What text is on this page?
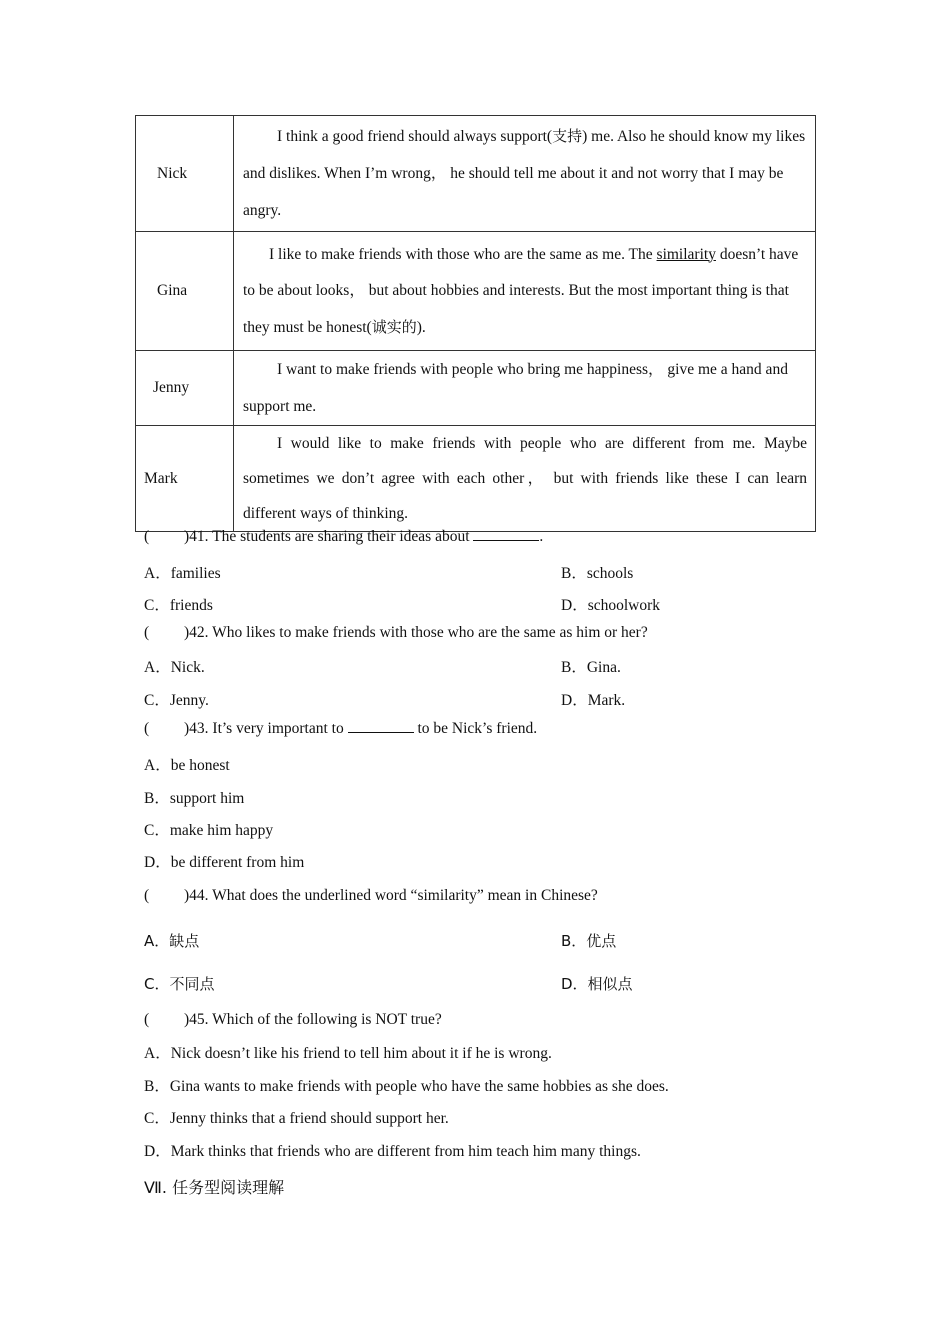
Nick	I think a good friend should always support(支持) me. Also he should know my likes and dislikes. When I’m wrong， he should tell me about it and not worry that I may be angry.
Gina	I like to make friends with those who are the same as me. The similarity doesn’t have to be about looks， but about hobbies and interests. But the most important thing is that they must be honest(诚实的).
Jenny	I want to make friends with people who bring me happiness， give me a hand and support me.
Mark	I would like to make friends with people who are different from me. Maybe sometimes we don’t agree with each other， but with friends like these I can learn different ways of thinking.
( )41. The students are sharing their ideas about	.
A．families	B．schools
C．friends	D．schoolwork
( )42. Who likes to make friends with those who are the same as him or her?
A．Nick.	B．Gina.
C．Jenny.	D．Mark.
( )43. It’s very important to	to be Nick’s friend.
A．be honest
B．support him
C．make him happy
D．be different from him
( )44. What does the underlined word “similarity” mean in Chinese?
A．缺点	B．优点
C．不同点	D．相似点
( )45. Which of the following is NOT true?
A．Nick doesn’t like his friend to tell him about it if he is wrong.
B．Gina wants to make friends with people who have the same hobbies as she does.
C．Jenny thinks that a friend should support her.
D．Mark thinks that friends who are different from him teach him many things.
Ⅶ. 任务型阅读理解
